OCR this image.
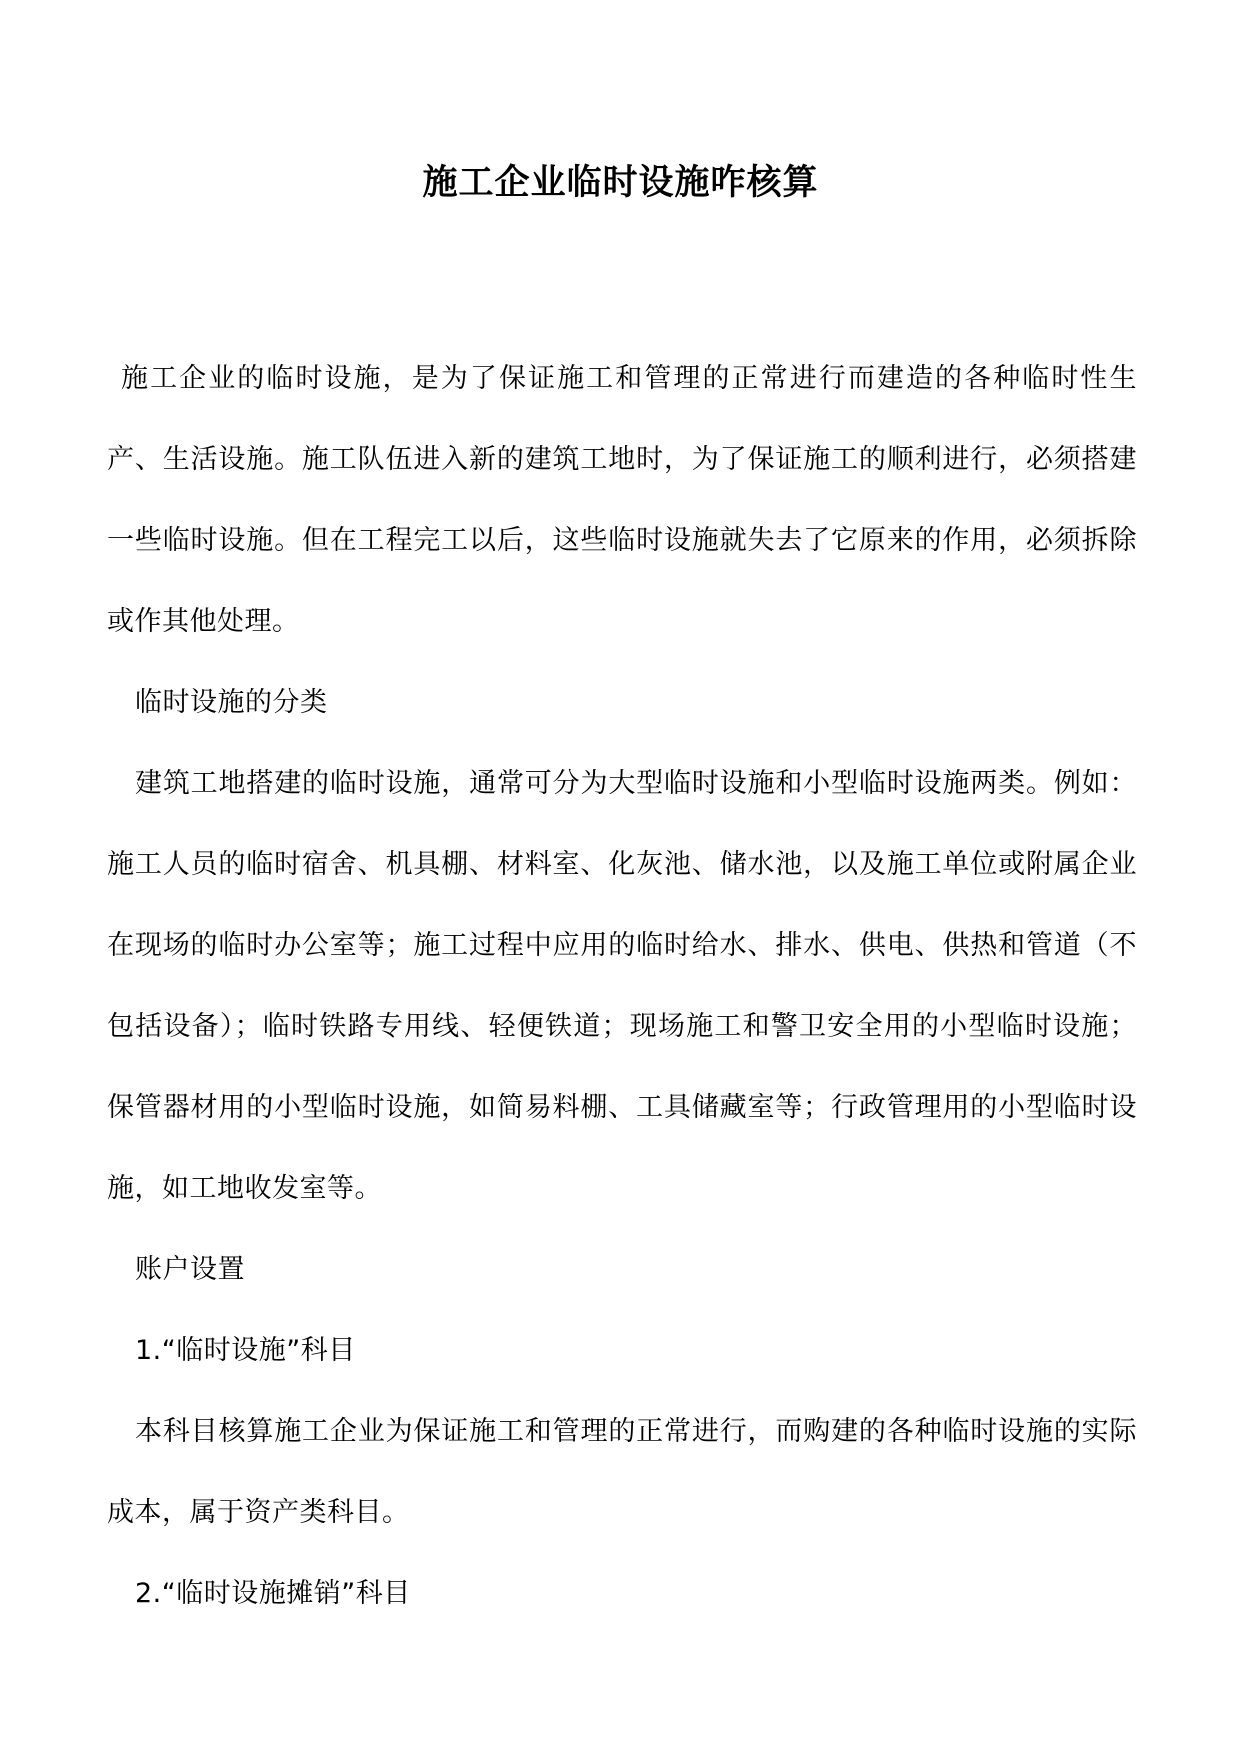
施工企业临时设施咋核算

施工企业的临时设施，是为了保证施工和管理的正常进行而建造的各种临时性生产、生活设施。施工队伍进入新的建筑工地时，为了保证施工的顺利进行，必须搭建一些临时设施。但在工程完工以后，这些临时设施就失去了它原来的作用，必须拆除或作其他处理。

临时设施的分类

建筑工地搭建的临时设施，通常可分为大型临时设施和小型临时设施两类。例如：施工人员的临时宿舍、机具棚、材料室、化灰池、储水池，以及施工单位或附属企业在现场的临时办公室等；施工过程中应用的临时给水、排水、供电、供热和管道（不包括设备）；临时铁路专用线、轻便铁道；现场施工和警卫安全用的小型临时设施；保管器材用的小型临时设施，如简易料棚、工具储藏室等；行政管理用的小型临时设施，如工地收发室等。

账户设置

1.“临时设施”科目

本科目核算施工企业为保证施工和管理的正常进行，而购建的各种临时设施的实际成本，属于资产类科目。

2.“临时设施摊销”科目
